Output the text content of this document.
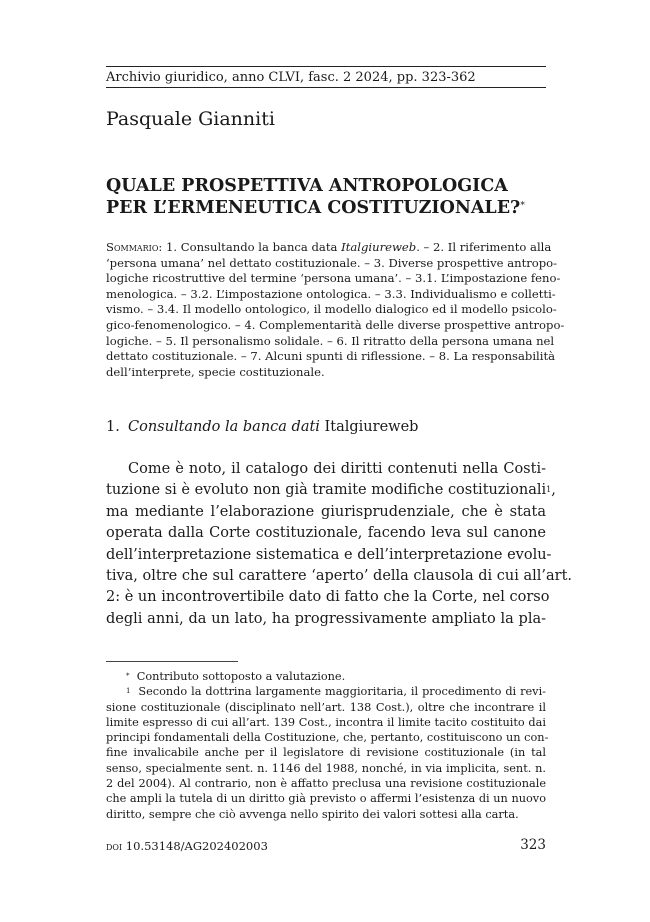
Archivio giuridico, anno CLVI, fasc. 2 2024, pp. 323-362
Pasquale Gianniti
QUALE PROSPETTIVA ANTROPOLOGICA
PER L’ERMENEUTICA COSTITUZIONALE?*
Sommario: 1. Consultando la banca data Italgiureweb. – 2. Il riferimento alla
‘persona umana’ nel dettato costituzionale. – 3. Diverse prospettive antropo-
logiche ricostruttive del termine ‘persona umana’. – 3.1. L’impostazione feno-
menologica. – 3.2. L’impostazione ontologica. – 3.3. Individualismo e colletti-
vismo. – 3.4. Il modello ontologico, il modello dialogico ed il modello psicolo-
gico-fenomenologico. – 4. Complementarità delle diverse prospettive antropo-
logiche. – 5. Il personalismo solidale. – 6. Il ritratto della persona umana nel
dettato costituzionale. – 7. Alcuni spunti di riflessione. – 8. La responsabilità
dell’interprete, specie costituzionale.
1. Consultando la banca dati Italgiureweb
Come è noto, il catalogo dei diritti contenuti nella Costi-
tuzione si è evoluto non già tramite modifiche costituzionali$^1$,
ma mediante l’elaborazione giurisprudenziale, che è stata
operata dalla Corte costituzionale, facendo leva sul canone
dell’interpretazione sistematica e dell’interpretazione evolu-
tiva, oltre che sul carattere ‘aperto’ della clausola di cui all’art.
2: è un incontrovertibile dato di fatto che la Corte, nel corso
degli anni, da un lato, ha progressivamente ampliato la pla-
* Contributo sottoposto a valutazione.
$^1$ Secondo la dottrina largamente maggioritaria, il procedimento di revi-
sione costituzionale (disciplinato nell’art. 138 Cost.), oltre che incontrare il
limite espresso di cui all’art. 139 Cost., incontra il limite tacito costituito dai
principi fondamentali della Costituzione, che, pertanto, costituiscono un con-
fine invalicabile anche per il legislatore di revisione costituzionale (in tal
senso, specialmente sent. n. 1146 del 1988, nonché, in via implicita, sent. n.
2 del 2004). Al contrario, non è affatto preclusa una revisione costituzionale
che ampli la tutela di un diritto già previsto o affermi l’esistenza di un nuovo
diritto, sempre che ciò avvenga nello spirito dei valori sottesi alla carta.
doi 10.53148/AG202402003	323
